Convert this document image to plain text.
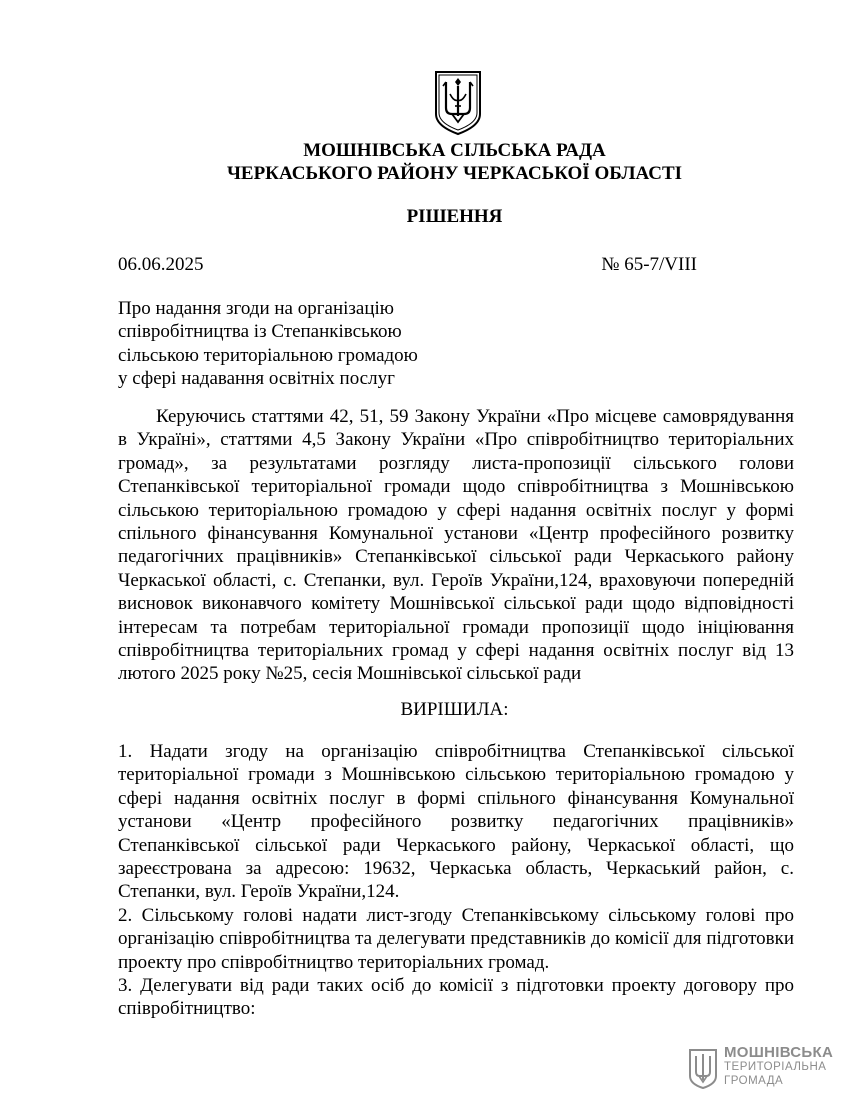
МОШНІВСЬКА СІЛЬСЬКА РАДА
ЧЕРКАСЬКОГО РАЙОНУ ЧЕРКАСЬКОЇ ОБЛАСТІ
РІШЕННЯ
06.06.2025	№ 65-7/VIII
Про надання згоди на організацію
співробітництва із Степанківською
сільською територіальною громадою
у сфері надавання освітніх послуг

Керуючись статтями 42, 51, 59 Закону України «Про місцеве самоврядування в Україні», статтями 4,5 Закону України «Про співробітництво територіальних громад», за результатами розгляду листа-пропозиції сільського голови Степанківської територіальної громади щодо співробітництва з Мошнівською сільською територіальною громадою у сфері надання освітніх послуг у формі спільного фінансування Комунальної установи «Центр професійного розвитку педагогічних працівників» Степанківської сільської ради Черкаського району Черкаської області, с. Степанки, вул. Героїв України,124, враховуючи попередній висновок виконавчого комітету Мошнівської сільської ради щодо відповідності інтересам та потребам територіальної громади пропозиції щодо ініціювання співробітництва територіальних громад у сфері надання освітніх послуг від 13 лютого 2025 року №25, сесія Мошнівської сільської ради

ВИРІШИЛА:

1. Надати згоду на організацію співробітництва Степанківської сільської територіальної громади з Мошнівською сільською територіальною громадою у сфері надання освітніх послуг в формі спільного фінансування Комунальної установи «Центр професійного розвитку педагогічних працівників» Степанківської сільської ради Черкаського району, Черкаської області, що зареєстрована за адресою: 19632, Черкаська область, Черкаський район, с. Степанки, вул. Героїв України,124.

2. Сільському голові надати лист-згоду Степанківському сільському голові про організацію співробітництва та делегувати представників до комісії для підготовки проекту про співробітництво територіальних громад.

3. Делегувати від ради таких осіб до комісії з підготовки проекту договору про співробітництво:

МОШНІВСЬКА
ТЕРИТОРІАЛЬНА
ГРОМАДА
